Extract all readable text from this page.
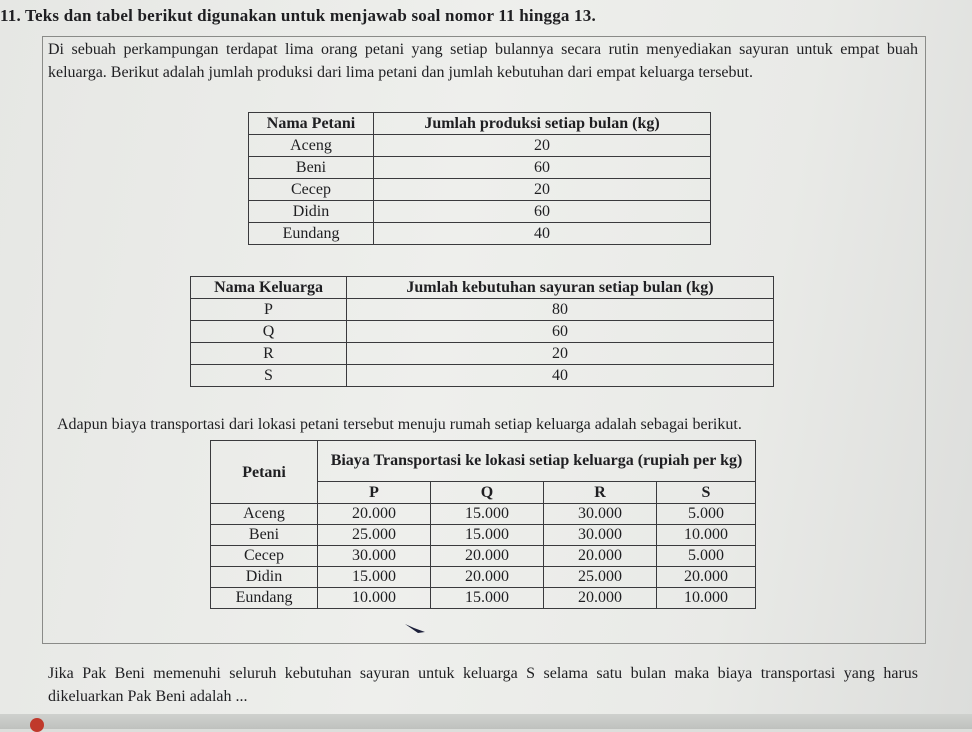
11. Teks dan tabel berikut digunakan untuk menjawab soal nomor 11 hingga 13.
Di sebuah perkampungan terdapat lima orang petani yang setiap bulannya secara rutin menyediakan sayuran untuk empat buah keluarga. Berikut adalah jumlah produksi dari lima petani dan jumlah kebutuhan dari empat keluarga tersebut.
Nama Petani	Jumlah produksi setiap bulan (kg)
Aceng	20
Beni	60
Cecep	20
Didin	60
Eundang	40
Nama Keluarga	Jumlah kebutuhan sayuran setiap bulan (kg)
P	80
Q	60
R	20
S	40
Adapun biaya transportasi dari lokasi petani tersebut menuju rumah setiap keluarga adalah sebagai berikut.
Petani	Biaya Transportasi ke lokasi setiap keluarga (rupiah per kg)			
	P	Q	R	S
Aceng	20.000	15.000	30.000	5.000
Beni	25.000	15.000	30.000	10.000
Cecep	30.000	20.000	20.000	5.000
Didin	15.000	20.000	25.000	20.000
Eundang	10.000	15.000	20.000	10.000
Jika Pak Beni memenuhi seluruh kebutuhan sayuran untuk keluarga S selama satu bulan maka biaya transportasi yang harus dikeluarkan Pak Beni adalah ...
